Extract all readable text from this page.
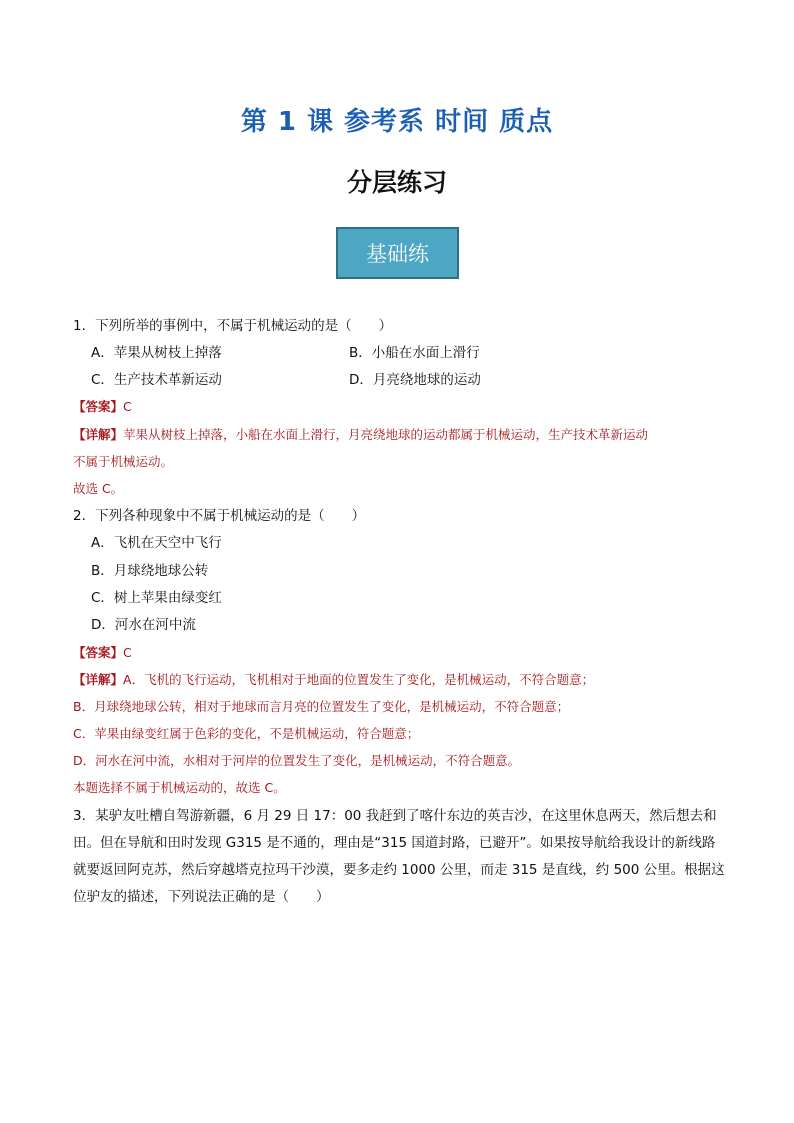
第 1 课 参考系 时间 质点
分层练习
基础练
1．下列所举的事例中，不属于机械运动的是（　　）
A．苹果从树枝上掉落	B．小船在水面上滑行
C．生产技术革新运动	D．月亮绕地球的运动
【答案】C
【详解】苹果从树枝上掉落，小船在水面上滑行，月亮绕地球的运动都属于机械运动，生产技术革新运动
不属于机械运动。
故选 C。
2．下列各种现象中不属于机械运动的是（　　）
A．飞机在天空中飞行
B．月球绕地球公转
C．树上苹果由绿变红
D．河水在河中流
【答案】C
【详解】A．飞机的飞行运动，飞机相对于地面的位置发生了变化，是机械运动，不符合题意；
B．月球绕地球公转，相对于地球而言月亮的位置发生了变化，是机械运动，不符合题意；
C．苹果由绿变红属于色彩的变化，不是机械运动，符合题意；
D．河水在河中流，水相对于河岸的位置发生了变化，是机械运动，不符合题意。
本题选择不属于机械运动的，故选 C。
3．某驴友吐槽自驾游新疆，6 月 29 日 17：00 我赶到了喀什东边的英吉沙，在这里休息两天，然后想去和
田。但在导航和田时发现 G315 是不通的，理由是“315 国道封路，已避开”。如果按导航给我设计的新线路
就要返回阿克苏，然后穿越塔克拉玛干沙漠，要多走约 1000 公里，而走 315 是直线，约 500 公里。根据这
位驴友的描述，下列说法正确的是（　　）
